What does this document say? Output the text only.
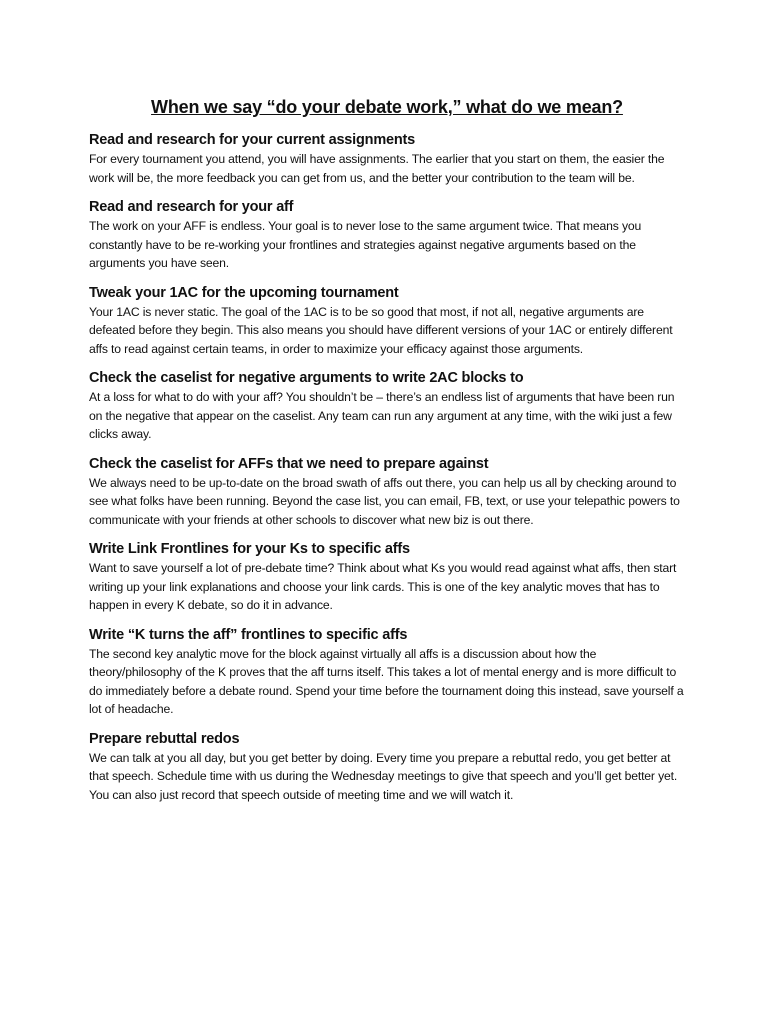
When we say “do your debate work,” what do we mean?
Read and research for your current assignments

For every tournament you attend, you will have assignments. The earlier that you start on them, the easier the work will be, the more feedback you can get from us, and the better your contribution to the team will be.

Read and research for your aff

The work on your AFF is endless. Your goal is to never lose to the same argument twice. That means you constantly have to be re-working your frontlines and strategies against negative arguments based on the arguments you have seen.

Tweak your 1AC for the upcoming tournament

Your 1AC is never static. The goal of the 1AC is to be so good that most, if not all, negative arguments are defeated before they begin. This also means you should have different versions of your 1AC or entirely different affs to read against certain teams, in order to maximize your efficacy against those arguments.

Check the caselist for negative arguments to write 2AC blocks to

At a loss for what to do with your aff? You shouldn’t be – there’s an endless list of arguments that have been run on the negative that appear on the caselist. Any team can run any argument at any time, with the wiki just a few clicks away.

Check the caselist for AFFs that we need to prepare against

We always need to be up-to-date on the broad swath of affs out there, you can help us all by checking around to see what folks have been running. Beyond the case list, you can email, FB, text, or use your telepathic powers to communicate with your friends at other schools to discover what new biz is out there.

Write Link Frontlines for your Ks to specific affs

Want to save yourself a lot of pre-debate time? Think about what Ks you would read against what affs, then start writing up your link explanations and choose your link cards. This is one of the key analytic moves that has to happen in every K debate, so do it in advance.

Write “K turns the aff” frontlines to specific affs

The second key analytic move for the block against virtually all affs is a discussion about how the theory/philosophy of the K proves that the aff turns itself. This takes a lot of mental energy and is more difficult to do immediately before a debate round. Spend your time before the tournament doing this instead, save yourself a lot of headache.

Prepare rebuttal redos

We can talk at you all day, but you get better by doing. Every time you prepare a rebuttal redo, you get better at that speech. Schedule time with us during the Wednesday meetings to give that speech and you’ll get better yet. You can also just record that speech outside of meeting time and we will watch it.
